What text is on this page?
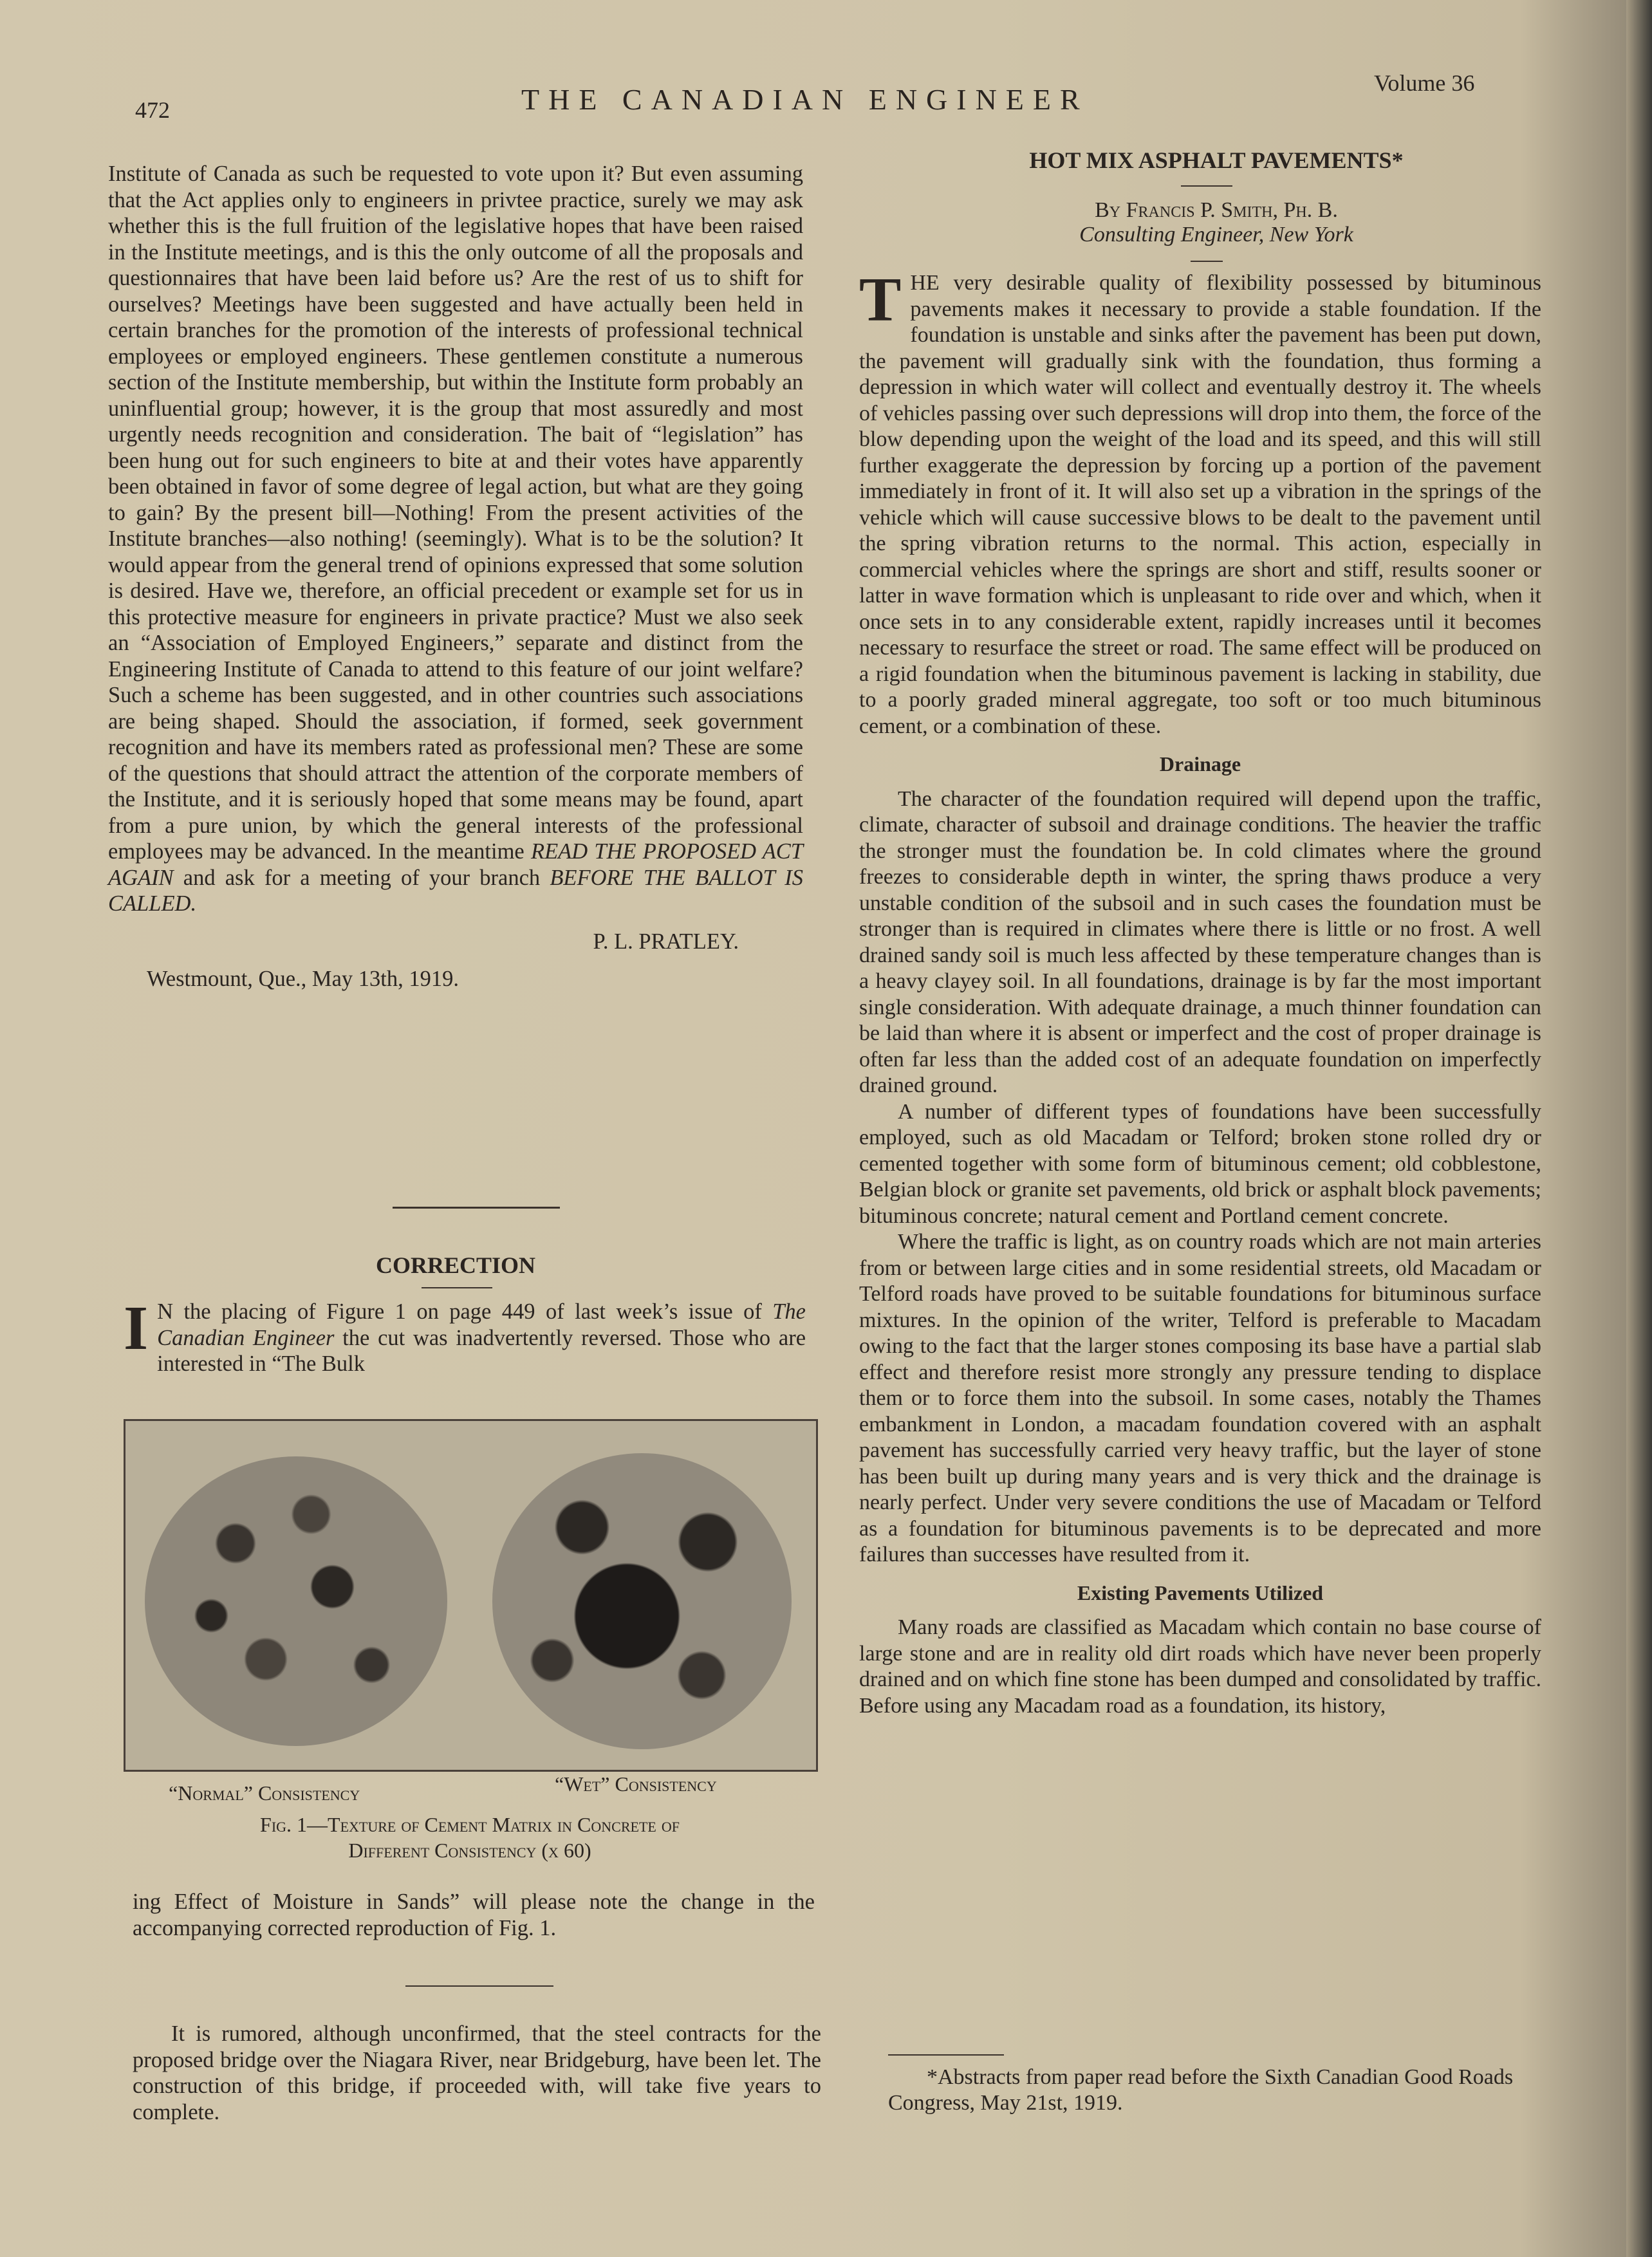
472	THE CANADIAN ENGINEER	Volume 36

Institute of Canada as such be requested to vote upon it? But even assuming that the Act applies only to engineers in privtee practice, surely we may ask whether this is the full fruition of the legislative hopes that have been raised in the Institute meetings, and is this the only outcome of all the proposals and questionnaires that have been laid before us? Are the rest of us to shift for ourselves? Meetings have been suggested and have actually been held in certain branches for the promotion of the interests of professional technical employees or employed engineers. These gentlemen constitute a numerous section of the Institute membership, but within the Institute form probably an uninfluential group; however, it is the group that most assuredly and most urgently needs recognition and consideration. The bait of “legislation” has been hung out for such engineers to bite at and their votes have apparently been obtained in favor of some degree of legal action, but what are they going to gain? By the present bill—Nothing! From the present activities of the Institute branches—also nothing! (seemingly). What is to be the solution? It would appear from the general trend of opinions expressed that some solution is desired. Have we, therefore, an official precedent or example set for us in this protective measure for engineers in private practice? Must we also seek an “Association of Employed Engineers,” separate and distinct from the Engineering Institute of Canada to attend to this feature of our joint welfare? Such a scheme has been suggested, and in other countries such associations are being shaped. Should the association, if formed, seek government recognition and have its members rated as professional men? These are some of the questions that should attract the attention of the corporate members of the Institute, and it is seriously hoped that some means may be found, apart from a pure union, by which the general interests of the professional employees may be advanced. In the meantime READ THE PROPOSED ACT AGAIN and ask for a meeting of your branch BEFORE THE BALLOT IS CALLED.

P. L. PRATLEY.

Westmount, Que., May 13th, 1919.

CORRECTION

I N the placing of Figure 1 on page 449 of last week’s issue of The Canadian Engineer the cut was inadvertently reversed. Those who are interested in “The Bulk

“Normal” Consistency	“Wet” Consistency
Fig. 1—Texture of Cement Matrix in Concrete of
Different Consistency (x 60)

ing Effect of Moisture in Sands” will please note the change in the accompanying corrected reproduction of Fig. 1.

It is rumored, although unconfirmed, that the steel contracts for the proposed bridge over the Niagara River, near Bridgeburg, have been let. The construction of this bridge, if proceeded with, will take five years to complete.

HOT MIX ASPHALT PAVEMENTS*
By Francis P. Smith, Ph. B.
Consulting Engineer, New York

T HE very desirable quality of flexibility possessed by bituminous pavements makes it necessary to provide a stable foundation. If the foundation is unstable and sinks after the pavement has been put down, the pavement will gradually sink with the foundation, thus forming a depression in which water will collect and eventually destroy it. The wheels of vehicles passing over such depressions will drop into them, the force of the blow depending upon the weight of the load and its speed, and this will still further exaggerate the depression by forcing up a portion of the pavement immediately in front of it. It will also set up a vibration in the springs of the vehicle which will cause successive blows to be dealt to the pavement until the spring vibration returns to the normal. This action, especially in commercial vehicles where the springs are short and stiff, results sooner or latter in wave formation which is unpleasant to ride over and which, when it once sets in to any considerable extent, rapidly increases until it becomes necessary to resurface the street or road. The same effect will be produced on a rigid foundation when the bituminous pavement is lacking in stability, due to a poorly graded mineral aggregate, too soft or too much bituminous cement, or a combination of these.

Drainage

The character of the foundation required will depend upon the traffic, climate, character of subsoil and drainage conditions. The heavier the traffic the stronger must the foundation be. In cold climates where the ground freezes to considerable depth in winter, the spring thaws produce a very unstable condition of the subsoil and in such cases the foundation must be stronger than is required in climates where there is little or no frost. A well drained sandy soil is much less affected by these temperature changes than is a heavy clayey soil. In all foundations, drainage is by far the most important single consideration. With adequate drainage, a much thinner foundation can be laid than where it is absent or imperfect and the cost of proper drainage is often far less than the added cost of an adequate foundation on imperfectly drained ground.

A number of different types of foundations have been successfully employed, such as old Macadam or Telford; broken stone rolled dry or cemented together with some form of bituminous cement; old cobblestone, Belgian block or granite set pavements, old brick or asphalt block pavements; bituminous concrete; natural cement and Portland cement concrete.

Where the traffic is light, as on country roads which are not main arteries from or between large cities and in some residential streets, old Macadam or Telford roads have proved to be suitable foundations for bituminous surface mixtures. In the opinion of the writer, Telford is preferable to Macadam owing to the fact that the larger stones composing its base have a partial slab effect and therefore resist more strongly any pressure tending to displace them or to force them into the subsoil. In some cases, notably the Thames embankment in London, a macadam foundation covered with an asphalt pavement has successfully carried very heavy traffic, but the layer of stone has been built up during many years and is very thick and the drainage is nearly perfect. Under very severe conditions the use of Macadam or Telford as a foundation for bituminous pavements is to be deprecated and more failures than successes have resulted from it.

Existing Pavements Utilized

Many roads are classified as Macadam which contain no base course of large stone and are in reality old dirt roads which have never been properly drained and on which fine stone has been dumped and consolidated by traffic. Before using any Macadam road as a foundation, its history,

*Abstracts from paper read before the Sixth Canadian Good Roads Congress, May 21st, 1919.
